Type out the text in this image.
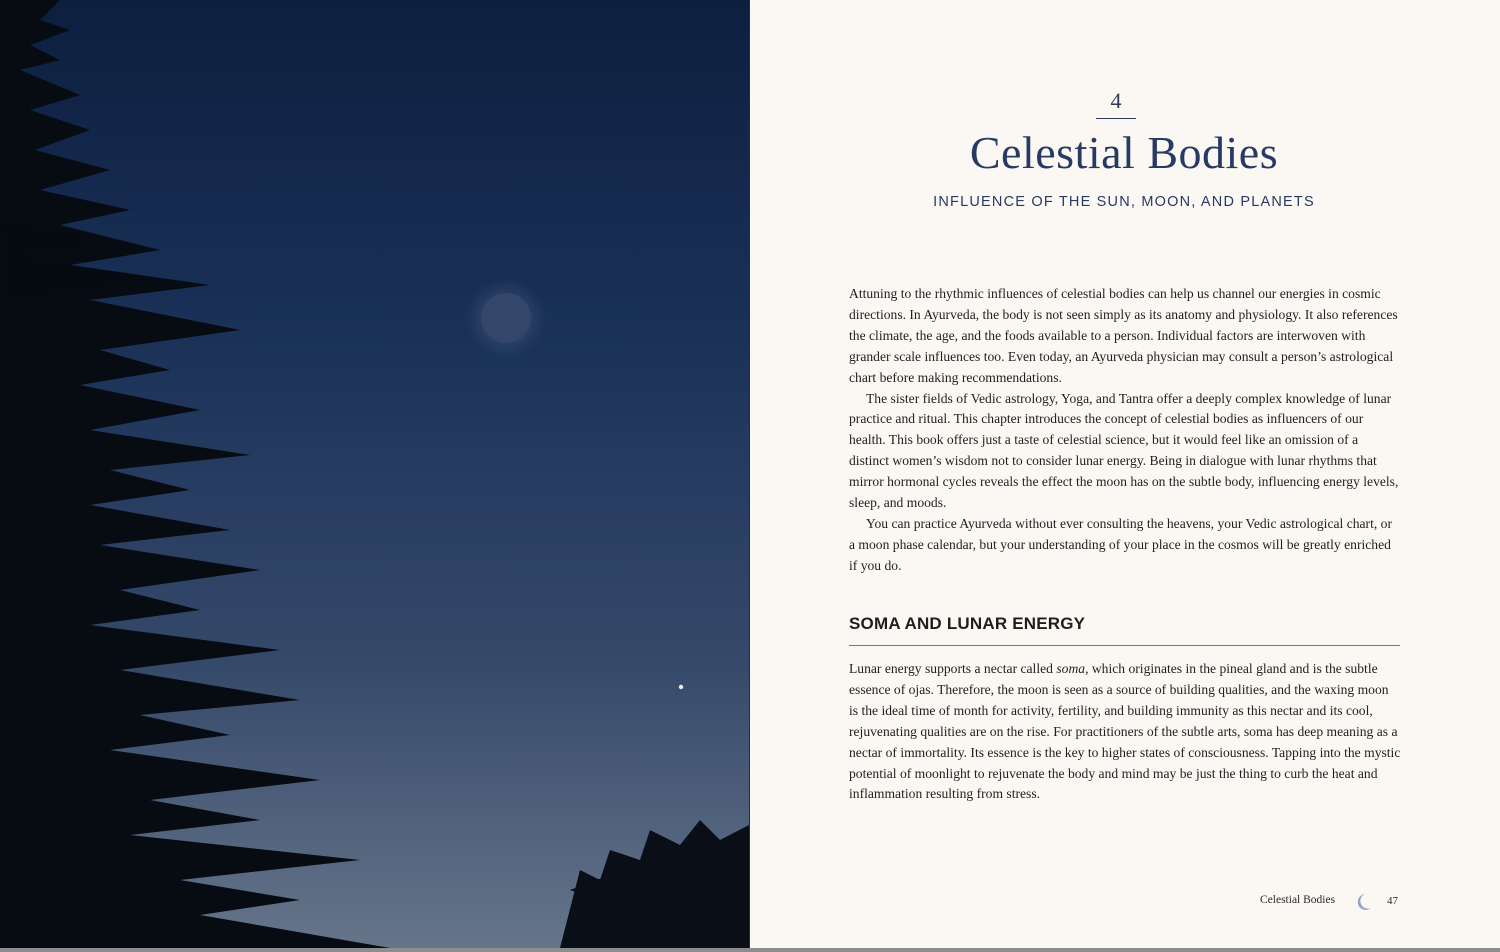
4
Celestial Bodies
INFLUENCE OF THE SUN, MOON, AND PLANETS

Attuning to the rhythmic influences of celestial bodies can help us channel our energies in cosmic directions. In Ayurveda, the body is not seen simply as its anatomy and physiology. It also references the climate, the age, and the foods available to a person. Individual factors are interwoven with grander scale influences too. Even today, an Ayurveda physician may consult a person’s astrological chart before making recommendations.

The sister fields of Vedic astrology, Yoga, and Tantra offer a deeply complex knowledge of lunar practice and ritual. This chapter introduces the concept of celestial bodies as influencers of our health. This book offers just a taste of celestial science, but it would feel like an omission of a distinct women’s wisdom not to consider lunar energy. Being in dialogue with lunar rhythms that mirror hormonal cycles reveals the effect the moon has on the subtle body, influencing energy levels, sleep, and moods.

You can practice Ayurveda without ever consulting the heavens, your Vedic astrological chart, or a moon phase calendar, but your understanding of your place in the cosmos will be greatly enriched if you do.

SOMA AND LUNAR ENERGY

Lunar energy supports a nectar called soma, which originates in the pineal gland and is the subtle essence of ojas. Therefore, the moon is seen as a source of building qualities, and the waxing moon is the ideal time of month for activity, fertility, and building immunity as this nectar and its cool, rejuvenating qualities are on the rise. For practitioners of the subtle arts, soma has deep meaning as a nectar of immortality. Its essence is the key to higher states of consciousness. Tapping into the mystic potential of moonlight to rejuvenate the body and mind may be just the thing to curb the heat and inflammation resulting from stress.

Celestial Bodies	47
